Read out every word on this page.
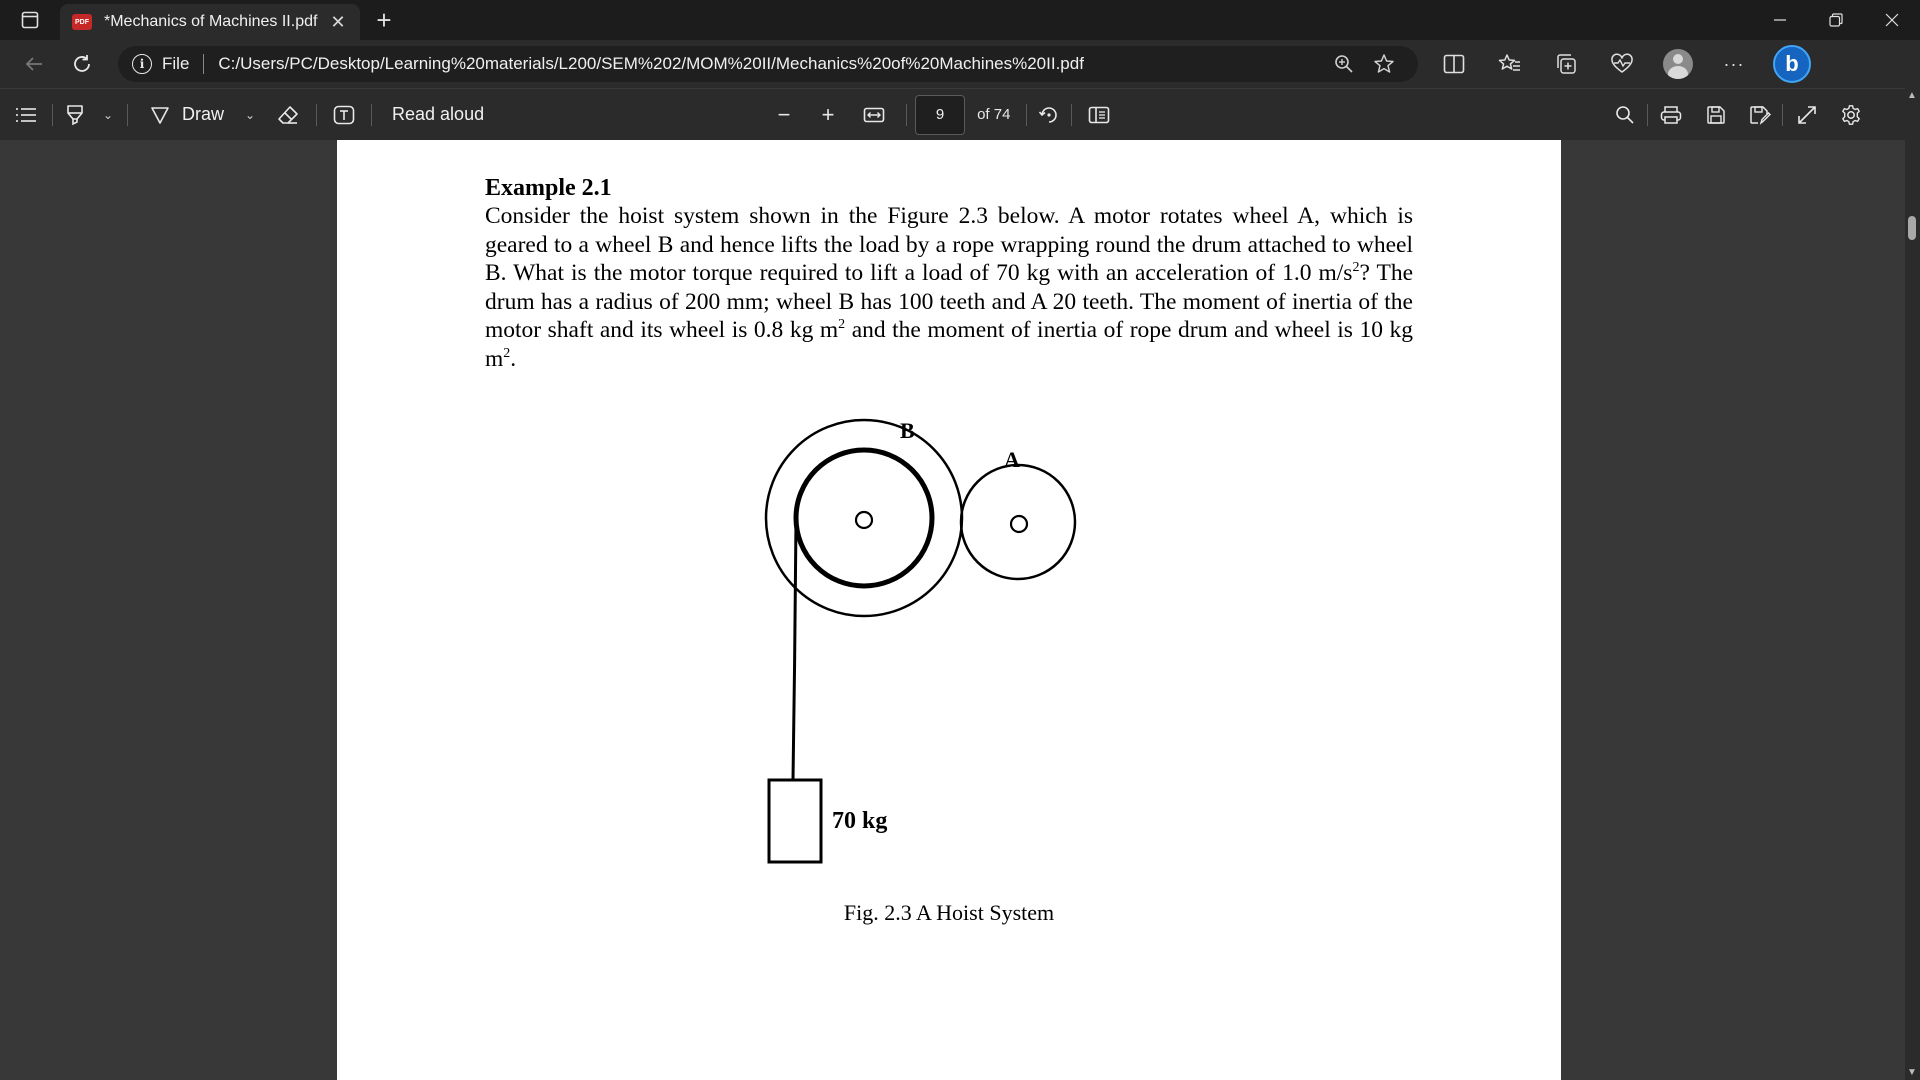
PDF *Mechanics of Machines II.pdf ✕ +
i	File C:/Users/PC/Desktop/Learning%20materials/L200/SEM%202/MOM%20II/Mechanics%20of%20Machines%20II.pdf	···	b
⌄	Draw ⌄	Read aloud	− +
9	of 74
Example 2.1
Consider the hoist system shown in the Figure 2.3 below. A motor rotates wheel A, which is geared to a wheel B and hence lifts the load by a rope wrapping round the drum attached to wheel B. What is the motor torque required to lift a load of 70 kg with an acceleration of 1.0 $m/s^2$? The drum has a radius of 200 mm; wheel B has 100 teeth and A 20 teeth. The moment of inertia of the motor shaft and its wheel is 0.8 kg $m^2$ and the moment of inertia of rope drum and wheel is 10 kg $m^2$.
B
A
70 kg
Fig. 2.3 A Hoist System
▲
▼
